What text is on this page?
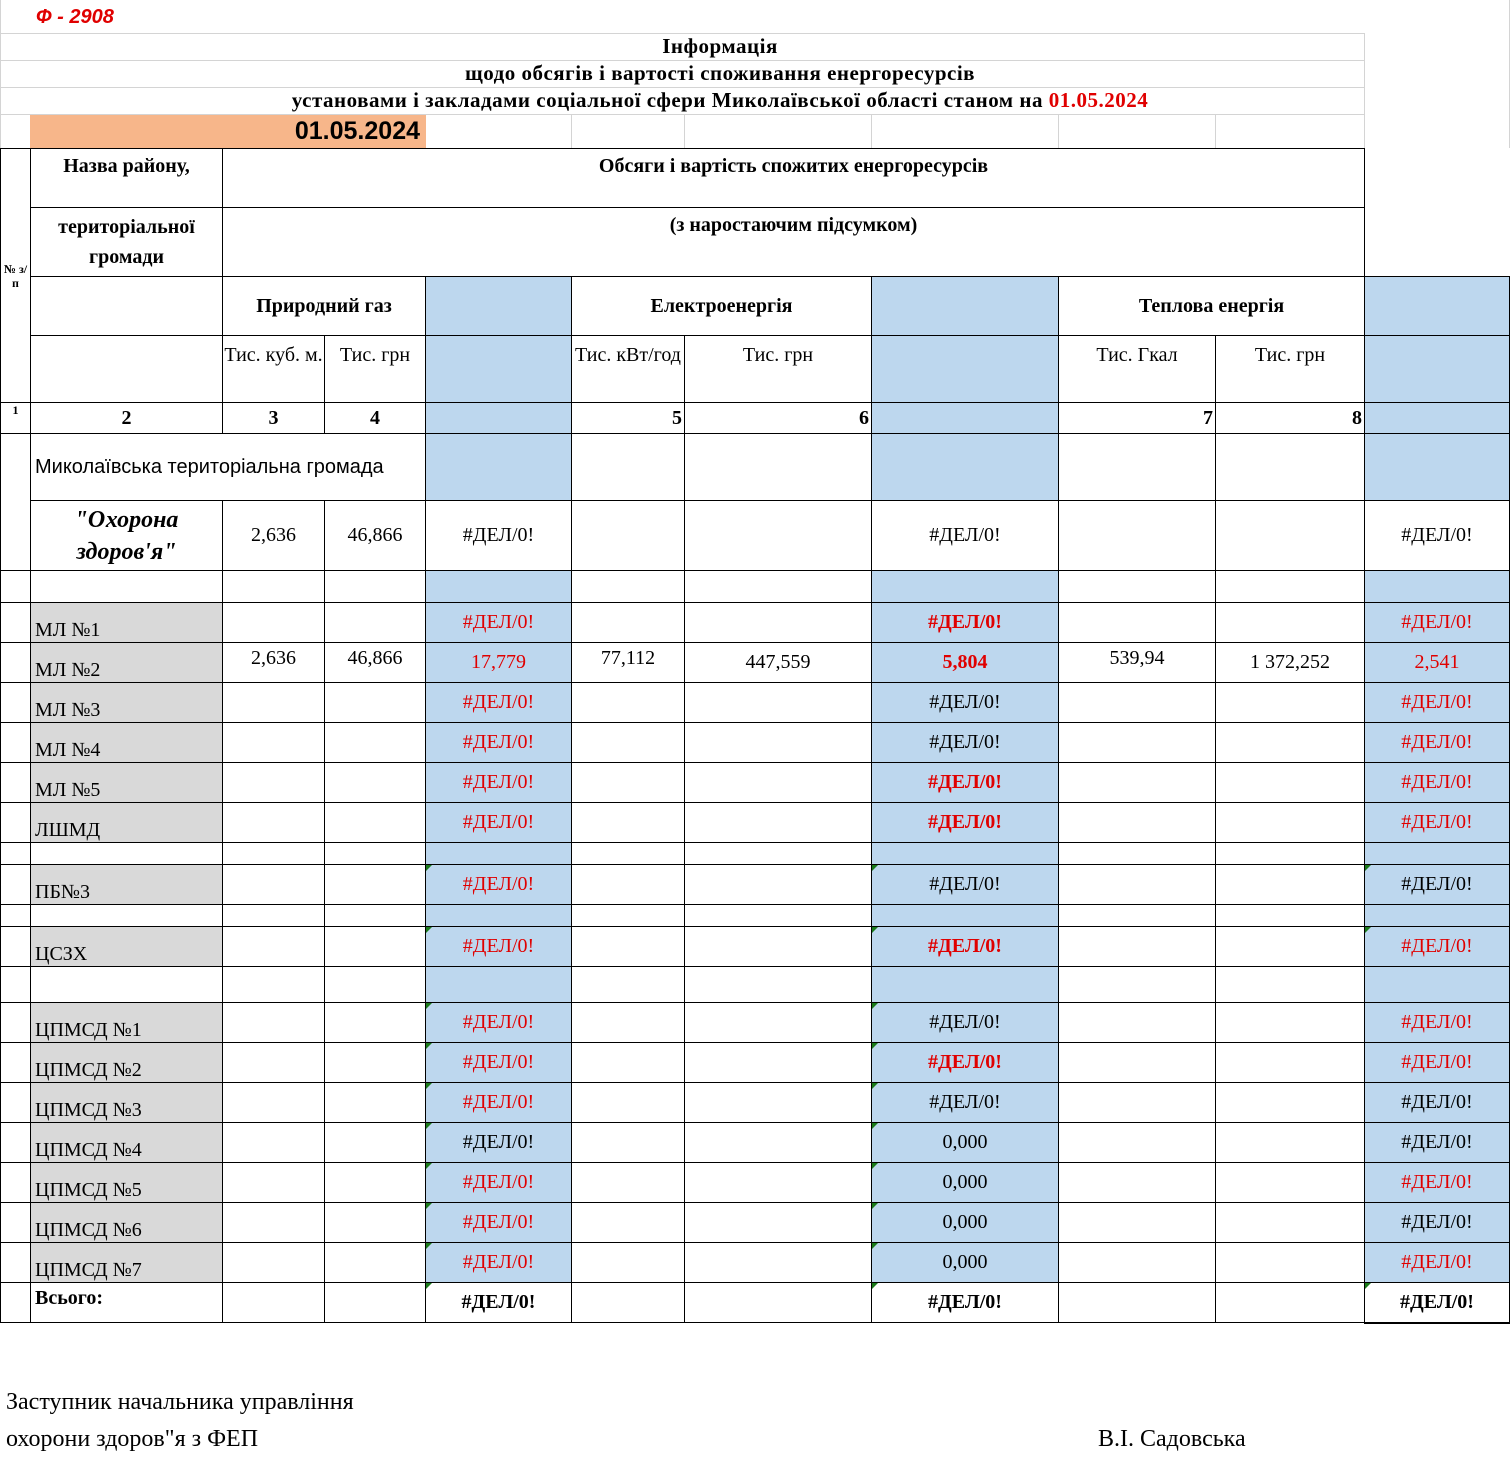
Ф - 2908
Інформація
щодо обсягів і вартості споживання енергоресурсів
установами і закладами соціальної сфери Миколаївської області станом на 01.05.2024
01.05.2024
№ з/п	Назва району,	Обсяги і вартість спожитих енергоресурсів								
	територіальної громади	(з наростаючим підсумком)								
		Природний газ			Електроенергія			Теплова енергія		
		Тис. куб. м.	Тис. грн		Тис. кВт/год	Тис. грн		Тис. Гкал	Тис. грн	
1	2	3	4		5	6		7	8	
	Миколаївська територіальна громада									
	"Охорона здоров'я"	2,636	46,866	#ДЕЛ/0!			#ДЕЛ/0!			#ДЕЛ/0!

	МЛ №1			#ДЕЛ/0!			#ДЕЛ/0!			#ДЕЛ/0!
	МЛ №2	2,636	46,866	17,779	77,112	447,559	5,804	539,94	1 372,252	2,541
	МЛ №3			#ДЕЛ/0!			#ДЕЛ/0!			#ДЕЛ/0!
	МЛ №4			#ДЕЛ/0!			#ДЕЛ/0!			#ДЕЛ/0!
	МЛ №5			#ДЕЛ/0!			#ДЕЛ/0!			#ДЕЛ/0!
	ЛШМД			#ДЕЛ/0!			#ДЕЛ/0!			#ДЕЛ/0!

	ПБ№3			#ДЕЛ/0!			#ДЕЛ/0!			#ДЕЛ/0!

	ЦСЗХ			#ДЕЛ/0!			#ДЕЛ/0!			#ДЕЛ/0!

	ЦПМСД №1			#ДЕЛ/0!			#ДЕЛ/0!			#ДЕЛ/0!
	ЦПМСД №2			#ДЕЛ/0!			#ДЕЛ/0!			#ДЕЛ/0!
	ЦПМСД №3			#ДЕЛ/0!			#ДЕЛ/0!			#ДЕЛ/0!
	ЦПМСД №4			#ДЕЛ/0!			0,000			#ДЕЛ/0!
	ЦПМСД №5			#ДЕЛ/0!			0,000			#ДЕЛ/0!
	ЦПМСД №6			#ДЕЛ/0!			0,000			#ДЕЛ/0!
	ЦПМСД №7			#ДЕЛ/0!			0,000			#ДЕЛ/0!
	Всього:			#ДЕЛ/0!			#ДЕЛ/0!			#ДЕЛ/0!
Заступник начальника управління
охорони здоров"я з ФЕП	В.І. Садовська
